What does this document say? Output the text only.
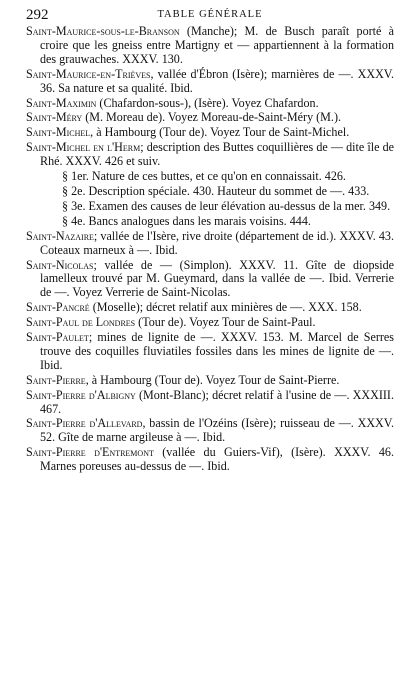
292	TABLE GÉNÉRALE
Saint-Maurice-sous-le-Branson (Manche); M. de Busch paraît porté à croire que les gneiss entre Martigny et — appartiennent à la formation des grauwaches. XXXV. 130.
Saint-Maurice-en-Trièves, vallée d'Ébron (Isère); marnières de —. XXXV. 36. Sa nature et sa qualité. Ibid.
Saint-Maximin (Chafardon-sous-), (Isère). Voyez Chafardon.
Saint-Méry (M. Moreau de). Voyez Moreau-de-Saint-Méry (M.).
Saint-Michel, à Hambourg (Tour de). Voyez Tour de Saint-Michel.
Saint-Michel en l'Herm; description des Buttes coquillières de — dite île de Rhé. XXXV. 426 et suiv.
§ 1er. Nature de ces buttes, et ce qu'on en connaissait. 426.
§ 2e. Description spéciale. 430. Hauteur du sommet de —. 433.
§ 3e. Examen des causes de leur élévation au-dessus de la mer. 349.
§ 4e. Bancs analogues dans les marais voisins. 444.
Saint-Nazaire; vallée de l'Isère, rive droite (département de id.). XXXV. 43. Coteaux marneux à —. Ibid.
Saint-Nicolas; vallée de — (Simplon). XXXV. 11. Gîte de diopside lamelleux trouvé par M. Gueymard, dans la vallée de —. Ibid. Verrerie de —. Voyez Verrerie de Saint-Nicolas.
Saint-Pancré (Moselle); décret relatif aux minières de —. XXX. 158.
Saint-Paul de Londres (Tour de). Voyez Tour de Saint-Paul.
Saint-Paulet; mines de lignite de —. XXXV. 153. M. Marcel de Serres trouve des coquilles fluviatiles fossiles dans les mines de lignite de —. Ibid.
Saint-Pierre, à Hambourg (Tour de). Voyez Tour de Saint-Pierre.
Saint-Pierre d'Albigny (Mont-Blanc); décret relatif à l'usine de —. XXXIII. 467.
Saint-Pierre d'Allevard, bassin de l'Ozéins (Isère); ruisseau de —. XXXV. 52. Gîte de marne argileuse à —. Ibid.
Saint-Pierre d'Entremont (vallée du Guiers-Vif), (Isère). XXXV. 46. Marnes poreuses au-dessus de —. Ibid.
